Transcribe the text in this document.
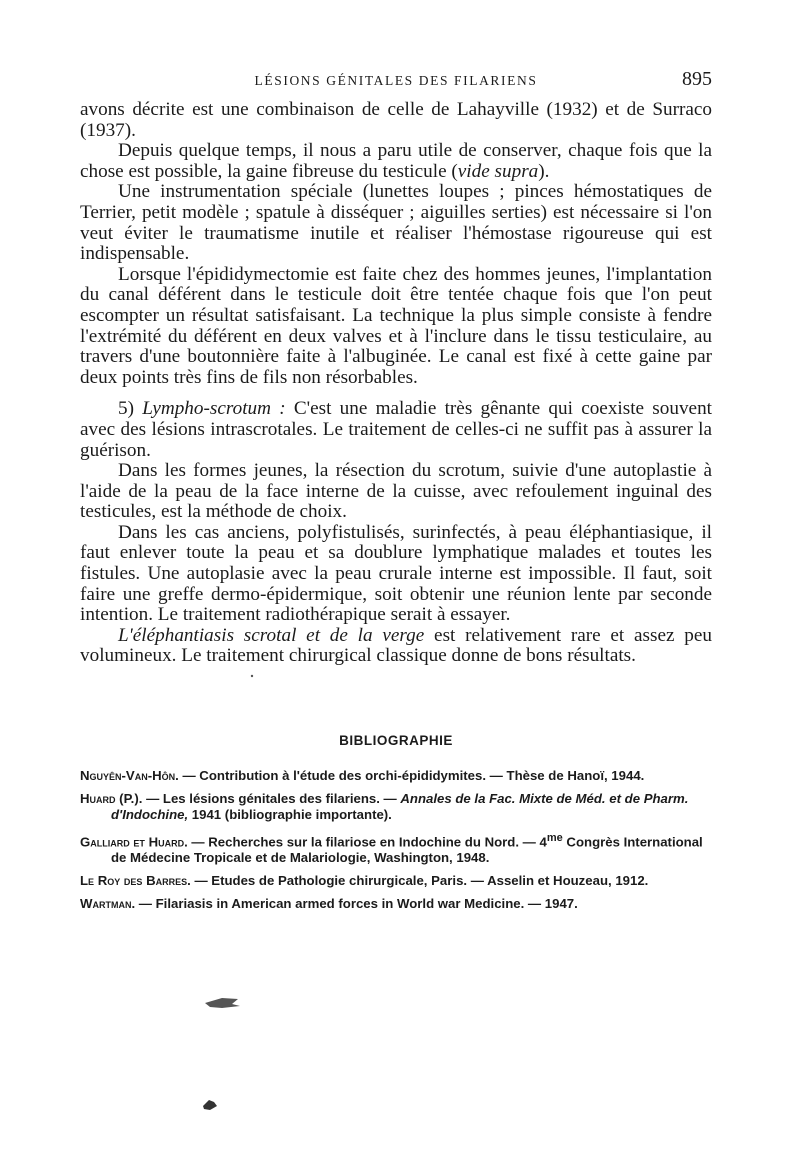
LÉSIONS GÉNITALES DES FILARIENS	895

avons décrite est une combinaison de celle de Lahayville (1932) et de Surraco (1937).

Depuis quelque temps, il nous a paru utile de conserver, chaque fois que la chose est possible, la gaine fibreuse du testicule (vide supra).

Une instrumentation spéciale (lunettes loupes ; pinces hémostatiques de Terrier, petit modèle ; spatule à disséquer ; aiguilles serties) est nécessaire si l'on veut éviter le traumatisme inutile et réaliser l'hémostase rigoureuse qui est indispensable.

Lorsque l'épididymectomie est faite chez des hommes jeunes, l'implantation du canal déférent dans le testicule doit être tentée chaque fois que l'on peut escompter un résultat satisfaisant. La technique la plus simple consiste à fendre l'extrémité du déférent en deux valves et à l'inclure dans le tissu testiculaire, au travers d'une boutonnière faite à l'albuginée. Le canal est fixé à cette gaine par deux points très fins de fils non résorbables.

5) Lympho-scrotum : C'est une maladie très gênante qui coexiste souvent avec des lésions intrascrotales. Le traitement de celles-ci ne suffit pas à assurer la guérison.

Dans les formes jeunes, la résection du scrotum, suivie d'une autoplastie à l'aide de la peau de la face interne de la cuisse, avec refoulement inguinal des testicules, est la méthode de choix.

Dans les cas anciens, polyfistulisés, surinfectés, à peau éléphantiasique, il faut enlever toute la peau et sa doublure lymphatique malades et toutes les fistules. Une autoplasie avec la peau crurale interne est impossible. Il faut, soit faire une greffe dermo-épidermique, soit obtenir une réunion lente par seconde intention. Le traitement radiothérapique serait à essayer.

L'éléphantiasis scrotal et de la verge est relativement rare et assez peu volumineux. Le traitement chirurgical classique donne de bons résultats.

BIBLIOGRAPHIE

Nguyên-Van-Hôn. — Contribution à l'étude des orchi-épididymites. — Thèse de Hanoï, 1944.

Huard (P.). — Les lésions génitales des filariens. — Annales de la Fac. Mixte de Méd. et de Pharm. d'Indochine, 1941 (bibliographie importante).

Galliard et Huard. — Recherches sur la filariose en Indochine du Nord. — $4^{me}$ Congrès International de Médecine Tropicale et de Malariologie, Washington, 1948.

Le Roy des Barres. — Etudes de Pathologie chirurgicale, Paris. — Asselin et Houzeau, 1912.

Wartman. — Filariasis in American armed forces in World war Medicine. — 1947.
